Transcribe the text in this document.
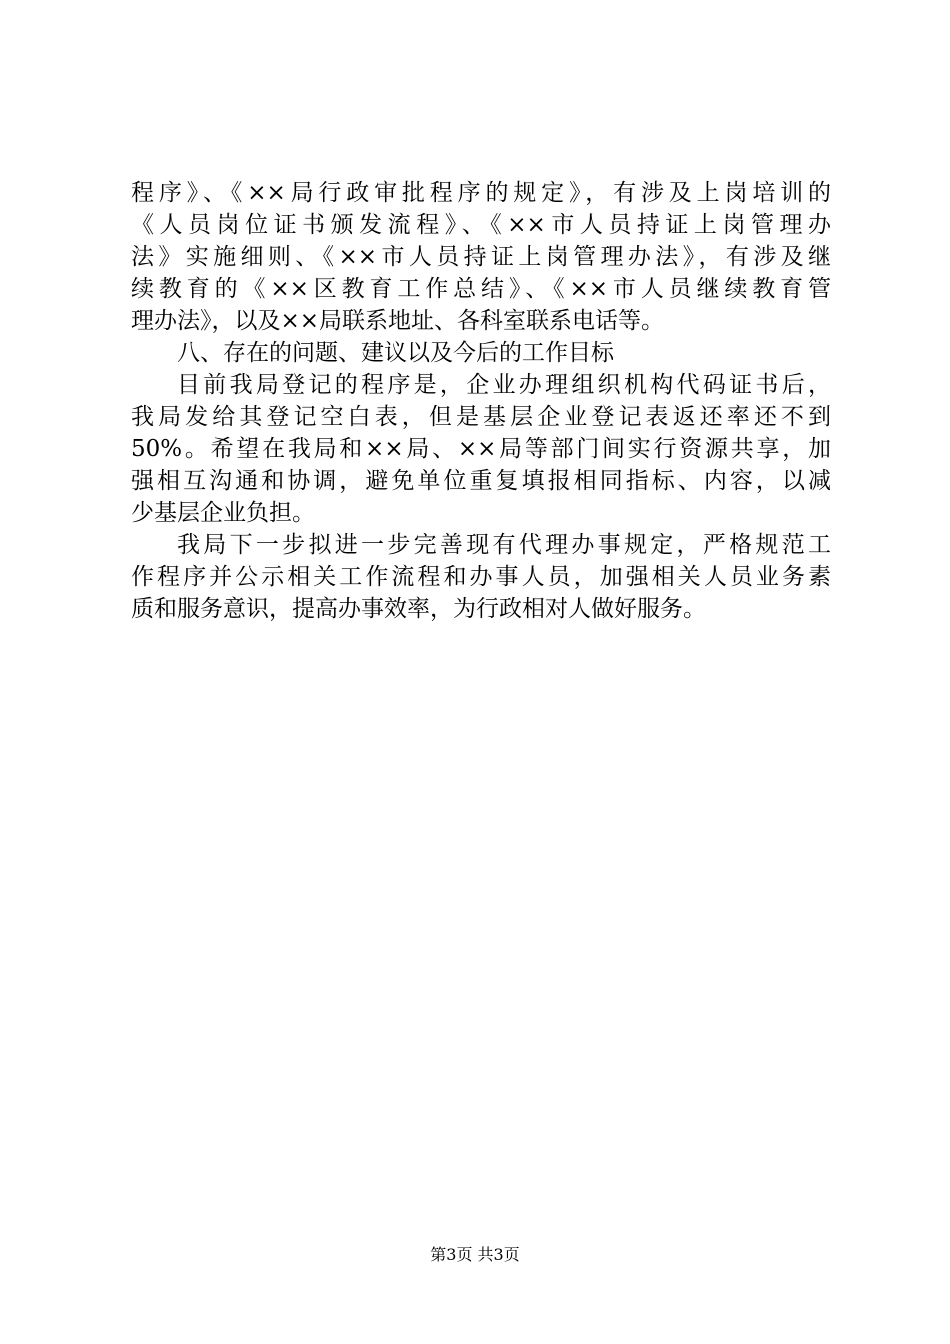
程序》、《××局行政审批程序的规定》，有涉及上岗培训的
《人员岗位证书颁发流程》、《××市人员持证上岗管理办
法》实施细则、《××市人员持证上岗管理办法》，有涉及继
续教育的《××区教育工作总结》、《××市人员继续教育管
理办法》，以及××局联系地址、各科室联系电话等。
八、存在的问题、建议以及今后的工作目标
目前我局登记的程序是，企业办理组织机构代码证书后，
我局发给其登记空白表，但是基层企业登记表返还率还不到
50%。希望在我局和××局、××局等部门间实行资源共享，加
强相互沟通和协调，避免单位重复填报相同指标、内容，以减
少基层企业负担。
我局下一步拟进一步完善现有代理办事规定，严格规范工
作程序并公示相关工作流程和办事人员，加强相关人员业务素
质和服务意识，提高办事效率，为行政相对人做好服务。
第3页 共3页
